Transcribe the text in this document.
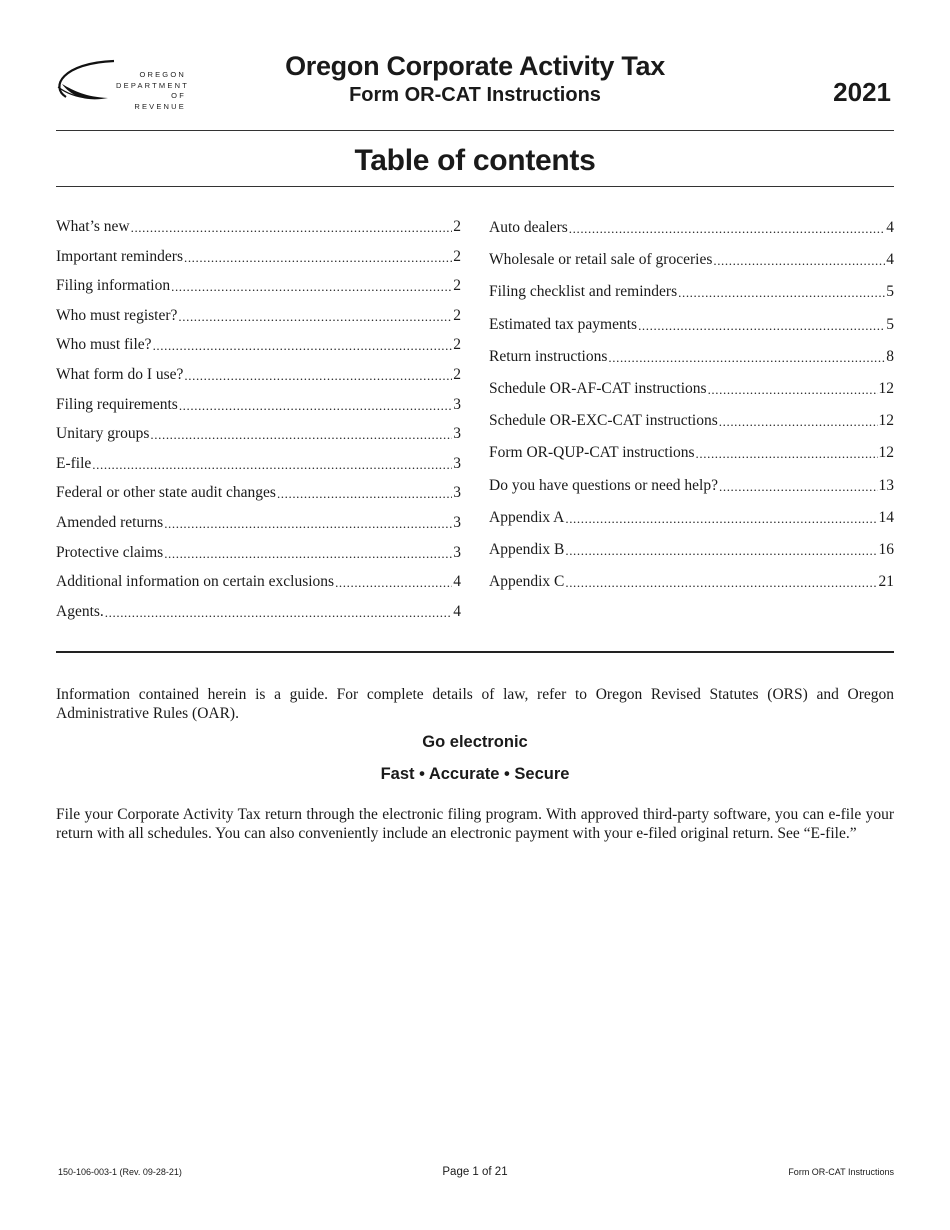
OREGON
DEPARTMENT
OF REVENUE
Oregon Corporate Activity Tax
Form OR-CAT Instructions	2021
Table of contents
What’s new .....	2
Important reminders .....	2
Filing information .....	2
Who must register? .....	2
Who must file? .....	2
What form do I use? .....	2
Filing requirements .....	3
Unitary groups .....	3
E-file .....	3
Federal or other state audit changes .....	3
Amended returns .....	3
Protective claims .....	3
Additional information on certain exclusions .....	4
Agents. .....	4
Auto dealers .....	4
Wholesale or retail sale of groceries .....	4
Filing checklist and reminders .....	5
Estimated tax payments .....	5
Return instructions .....	8
Schedule OR-AF-CAT instructions .....	12
Schedule OR-EXC-CAT instructions .....	12
Form OR-QUP-CAT instructions .....	12
Do you have questions or need help? .....	13
Appendix A .....	14
Appendix B .....	16
Appendix C .....	21
Information contained herein is a guide. For complete details of law, refer to Oregon Revised Statutes (ORS) and Oregon Administrative Rules (OAR).
Go electronic
Fast • Accurate • Secure
File your Corporate Activity Tax return through the electronic filing program. With approved third-party software, you can e-file your return with all schedules. You can also conveniently include an electronic payment with your e-filed original return. See “E-file.”
150-106-003-1 (Rev. 09-28-21)	Page 1 of 21	Form OR-CAT Instructions
